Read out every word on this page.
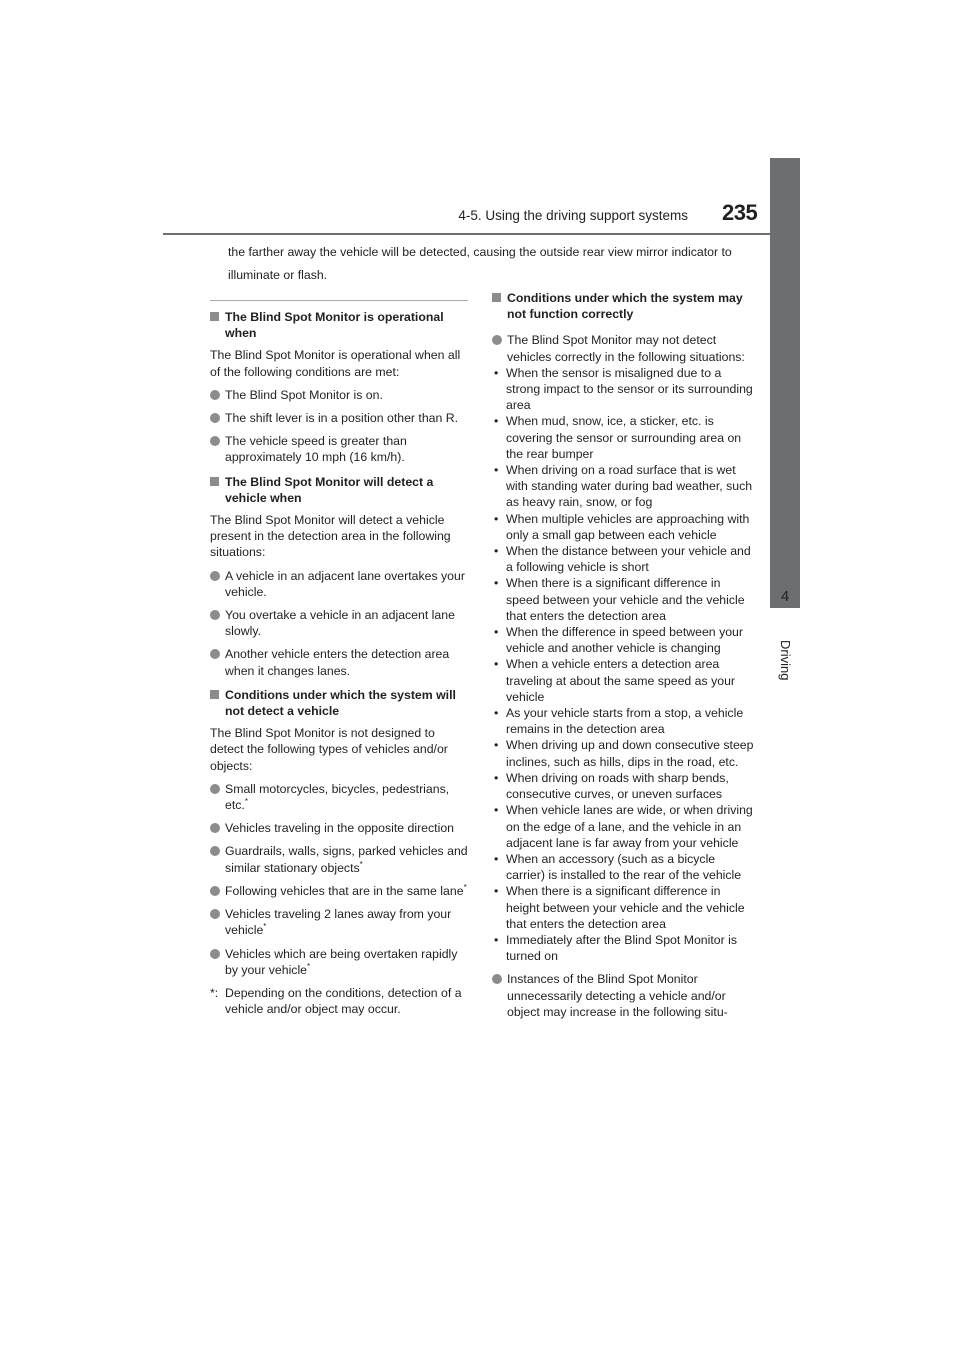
4-5. Using the driving support systems 235
4
Driving
the farther away the vehicle will be detected, causing the outside rear view mirror indicator to illuminate or flash.
The Blind Spot Monitor is operational when

The Blind Spot Monitor is operational when all of the following conditions are met:

The Blind Spot Monitor is on.
The shift lever is in a position other than R.
The vehicle speed is greater than approximately 10 mph (16 km/h).
The Blind Spot Monitor will detect a vehicle when

The Blind Spot Monitor will detect a vehicle present in the detection area in the following situations:

A vehicle in an adjacent lane overtakes your vehicle.
You overtake a vehicle in an adjacent lane slowly.
Another vehicle enters the detection area when it changes lanes.
Conditions under which the system will not detect a vehicle

The Blind Spot Monitor is not designed to detect the following types of vehicles and/or objects:

Small motorcycles, bicycles, pedestrians, etc.*
Vehicles traveling in the opposite direction
Guardrails, walls, signs, parked vehicles and similar stationary objects*
Following vehicles that are in the same lane*
Vehicles traveling 2 lanes away from your vehicle*
Vehicles which are being overtaken rapidly by your vehicle*
*: Depending on the conditions, detection of a vehicle and/or object may occur.
Conditions under which the system may not function correctly
The Blind Spot Monitor may not detect vehicles correctly in the following situations:
• When the sensor is misaligned due to a strong impact to the sensor or its surrounding area
• When mud, snow, ice, a sticker, etc. is covering the sensor or surrounding area on the rear bumper
• When driving on a road surface that is wet with standing water during bad weather, such as heavy rain, snow, or fog
• When multiple vehicles are approaching with only a small gap between each vehicle
• When the distance between your vehicle and a following vehicle is short
• When there is a significant difference in speed between your vehicle and the vehicle that enters the detection area
• When the difference in speed between your vehicle and another vehicle is changing
• When a vehicle enters a detection area traveling at about the same speed as your vehicle
• As your vehicle starts from a stop, a vehicle remains in the detection area
• When driving up and down consecutive steep inclines, such as hills, dips in the road, etc.
• When driving on roads with sharp bends, consecutive curves, or uneven surfaces
• When vehicle lanes are wide, or when driving on the edge of a lane, and the vehicle in an adjacent lane is far away from your vehicle
• When an accessory (such as a bicycle carrier) is installed to the rear of the vehicle
• When there is a significant difference in height between your vehicle and the vehicle that enters the detection area
• Immediately after the Blind Spot Monitor is turned on
Instances of the Blind Spot Monitor unnecessarily detecting a vehicle and/or object may increase in the following situ-
